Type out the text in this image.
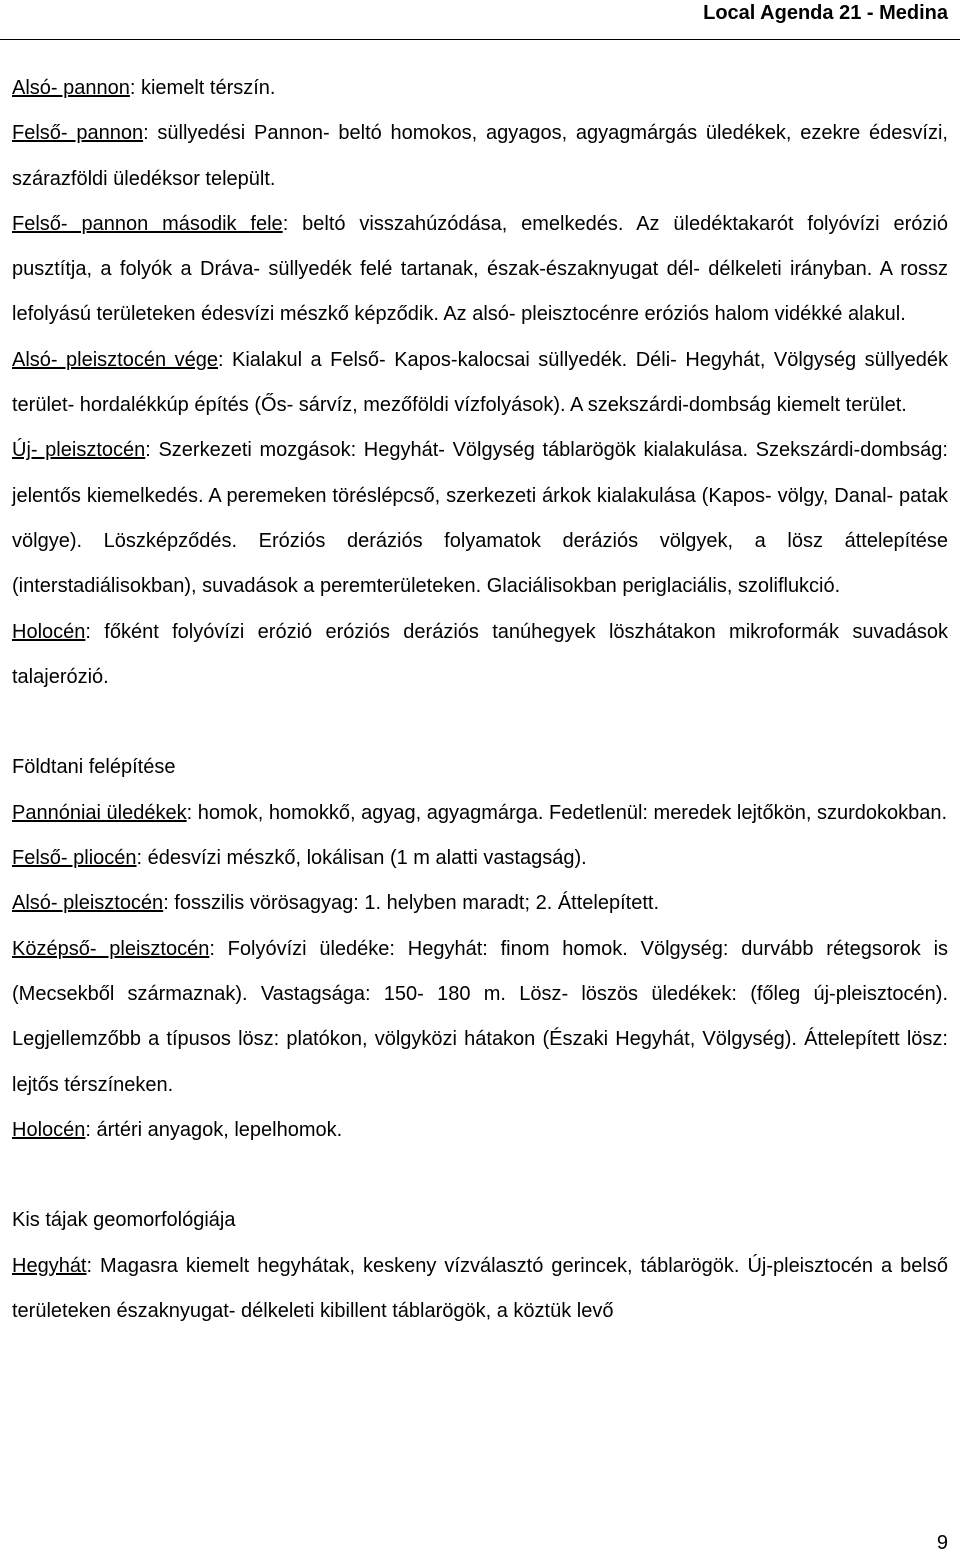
Local Agenda 21 - Medina

Alsó- pannon: kiemelt térszín.

Felső- pannon: süllyedési Pannon- beltó homokos, agyagos, agyagmárgás üledékek, ezekre édesvízi, szárazföldi üledéksor települt.

Felső- pannon második fele: beltó visszahúzódása, emelkedés. Az üledéktakarót folyóvízi erózió pusztítja, a folyók a Dráva- süllyedék felé tartanak, észak-északnyugat dél- délkeleti irányban. A rossz lefolyású területeken édesvízi mészkő képződik. Az alsó- pleisztocénre eróziós halom vidékké alakul.

Alsó- pleisztocén vége: Kialakul a Felső- Kapos-kalocsai süllyedék. Déli- Hegyhát, Völgység süllyedék terület- hordalékkúp építés (Ős- sárvíz, mezőföldi vízfolyások). A szekszárdi-dombság kiemelt terület.

Új- pleisztocén: Szerkezeti mozgások: Hegyhát- Völgység táblarögök kialakulása. Szekszárdi-dombság: jelentős kiemelkedés. A peremeken töréslépcső, szerkezeti árkok kialakulása (Kapos- völgy, Danal- patak völgye). Löszképződés. Eróziós deráziós folyamatok deráziós völgyek, a lösz áttelepítése (interstadiálisokban), suvadások a peremterületeken. Glaciálisokban periglaciális, szoliflukció.

Holocén: főként folyóvízi erózió eróziós deráziós tanúhegyek löszhátakon mikroformák suvadások talajerózió.

Földtani felépítése

Pannóniai üledékek: homok, homokkő, agyag, agyagmárga. Fedetlenül: meredek lejtőkön, szurdokokban.

Felső- pliocén: édesvízi mészkő, lokálisan (1 m alatti vastagság).

Alsó- pleisztocén: fosszilis vörösagyag: 1. helyben maradt; 2. Áttelepített.

Középső- pleisztocén: Folyóvízi üledéke: Hegyhát: finom homok. Völgység: durvább rétegsorok is (Mecsekből származnak). Vastagsága: 150- 180 m. Lösz- löszös üledékek: (főleg új-pleisztocén). Legjellemzőbb a típusos lösz: platókon, völgyközi hátakon (Északi Hegyhát, Völgység). Áttelepített lösz: lejtős térszíneken.

Holocén: ártéri anyagok, lepelhomok.

Kis tájak geomorfológiája

Hegyhát: Magasra kiemelt hegyhátak, keskeny vízválasztó gerincek, táblarögök. Új-pleisztocén a belső területeken északnyugat- délkeleti kibillent táblarögök, a köztük levő

9
